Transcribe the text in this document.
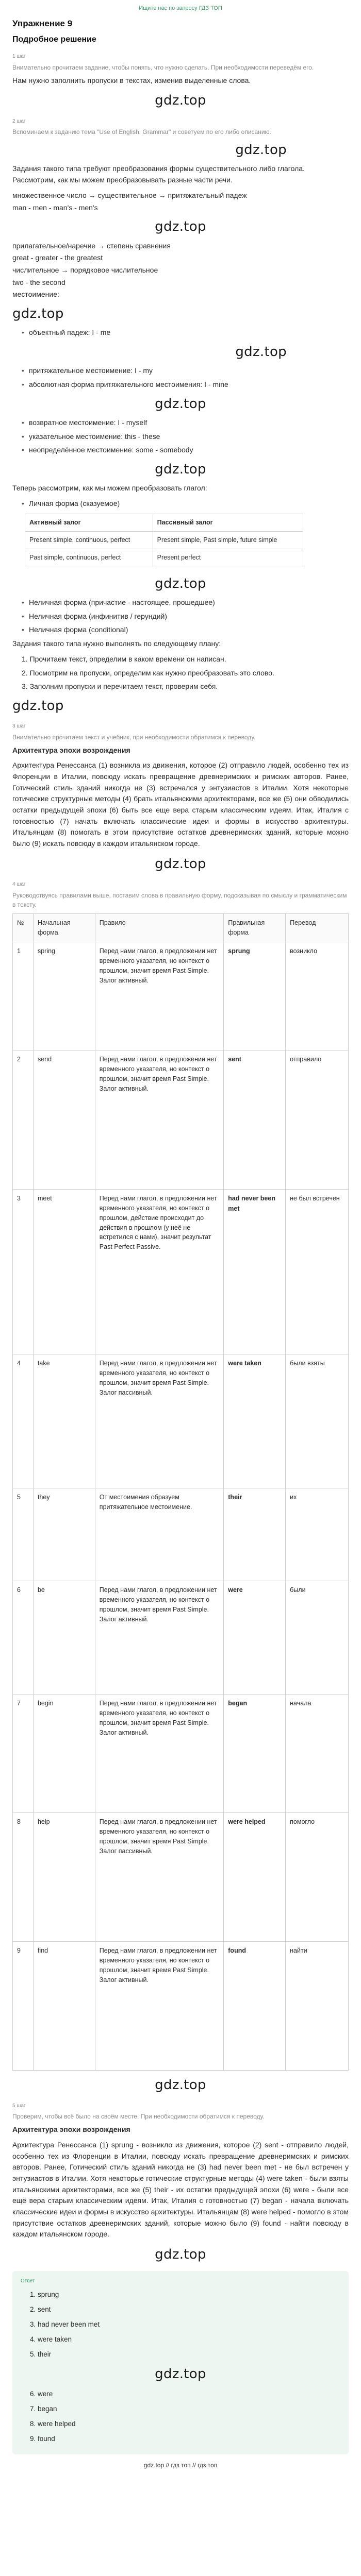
Ищите нас по запросу ГДЗ ТОП
Упражнение 9
Подробное решение
1 шаг
Внимательно прочитаем задание, чтобы понять, что нужно сделать. При необходимости переведём его.
Нам нужно заполнить пропуски в текстах, изменив выделенные слова.
gdz.top
2 шаг
Вспоминаем к заданию тема "Use of English. Grammar" и советуем по его либо описанию.
gdz.top
Задания такого типа требуют преобразования формы существительного либо глагола. Рассмотрим, как мы можем преобразовывать разные части речи.
множественное число → существительное → притяжательный падеж
man - men - man's - men's
gdz.top
прилагательное/наречие → степень сравнения
great - greater - the greatest
числительное → порядковое числительное
two - the second
местоимение:
gdz.top
• объектный падеж: I - me
gdz.top
• притяжательное местоимение: I - my
• абсолютная форма притяжательного местоимения: I - mine
gdz.top
• возвратное местоимение: I - myself
• указательное местоимение: this - these
• неопределённое местоимение: some - somebody
gdz.top
Теперь рассмотрим, как мы можем преобразовать глагол:
• Личная форма (сказуемое)
Активный залог	Пассивный залог
Present simple, continuous, perfect	Present simple, Past simple, future simple
Past simple, continuous, perfect	Present perfect
gdz.top
• Неличная форма (причастие - настоящее, прошедшее)
• Неличная форма (инфинитив / герундий)
• Неличная форма (conditional)
Задания такого типа нужно выполнять по следующему плану:
1. Прочитаем текст, определим в каком времени он написан.
2. Посмотрим на пропуски, определим как нужно преобразовать это слово.
3. Заполним пропуски и перечитаем текст, проверим себя.
gdz.top
3 шаг
Внимательно прочитаем текст и учебник, при необходимости обратимся к переводу.
Архитектура эпохи возрождения
Архитектура Ренессанса (1) возникла из движения, которое (2) отправило людей, особенно тех из Флоренции в Италии, повсюду искать превращение древнеримских и римских авторов. Ранее, Готический стиль зданий никогда не (3) встречался у энтузиастов в Италии. Хотя некоторые готические структурные методы (4) брать итальянскими архитекторами, все же (5) они обводились остатки предыдущей эпохи (6) быть все еще вера старым классическим идеям. Итак, Италия с готовностью (7) начать включать классические идеи и формы в искусство архитектуры. Итальянцам (8) помогать в этом присутствие остатков древнеримских зданий, которые можно было (9) искать повсюду в каждом итальянском городе.
gdz.top
4 шаг
Руководствуясь правилами выше, поставим слова в правильную форму, подсказывая по смыслу и грамматическим в тексту.
№	Начальная форма	Правило	Правильная форма	Перевод
1	spring	Перед нами глагол, в предложении нет временного указателя, но контекст о прошлом, значит время Past Simple. Залог активный.	sprung	возникло
2	send	Перед нами глагол, в предложении нет временного указателя, но контекст о прошлом, значит время Past Simple. Залог активный.	sent	отправило
3	meet	Перед нами глагол, в предложении нет временного указателя, но контекст о прошлом, действие происходит до действия в прошлом (у неё не встретился с нами), значит результат Past Perfect Passive.	had never been met	не был встречен
4	take	Перед нами глагол, в предложении нет временного указателя, но контекст о прошлом, значит время Past Simple. Залог пассивный.	were taken	были взяты
5	they	От местоимения образуем притяжательное местоимение.	their	их
6	be	Перед нами глагол, в предложении нет временного указателя, но контекст о прошлом, значит время Past Simple. Залог активный.	were	были
7	begin	Перед нами глагол, в предложении нет временного указателя, но контекст о прошлом, значит время Past Simple. Залог активный.	began	начала
8	help	Перед нами глагол, в предложении нет временного указателя, но контекст о прошлом, значит время Past Simple. Залог пассивный.	were helped	помогло
9	find	Перед нами глагол, в предложении нет временного указателя, но контекст о прошлом, значит время Past Simple. Залог активный.	found	найти
gdz.top
5 шаг
Проверим, чтобы всё было на своём месте. При необходимости обратимся к переводу.
Архитектура эпохи возрождения
Архитектура Ренессанса (1) sprung - возникло из движения, которое (2) sent - отправило людей, особенно тех из Флоренции в Италии, повсюду искать превращение древнеримских и римских авторов. Ранее, Готический стиль зданий никогда не (3) had never been met - не был встречен у энтузиастов в Италии. Хотя некоторые готические структурные методы (4) were taken - были взяты итальянскими архитекторами, все же (5) their - их остатки предыдущей эпохи (6) were - были все еще вера старым классическим идеям. Итак, Италия с готовностью (7) began - начала включать классические идеи и формы в искусство архитектуры. Итальянцам (8) were helped - помогло в этом присутствие остатков древнеримских зданий, которые можно было (9) found - найти повсюду в каждом итальянском городе.
gdz.top
Ответ
1. sprung
2. sent
3. had never been met
4. were taken
5. their
gdz.top
6. were
7. began
8. were helped
9. found
gdz.top // гдз топ // гдз.топ
